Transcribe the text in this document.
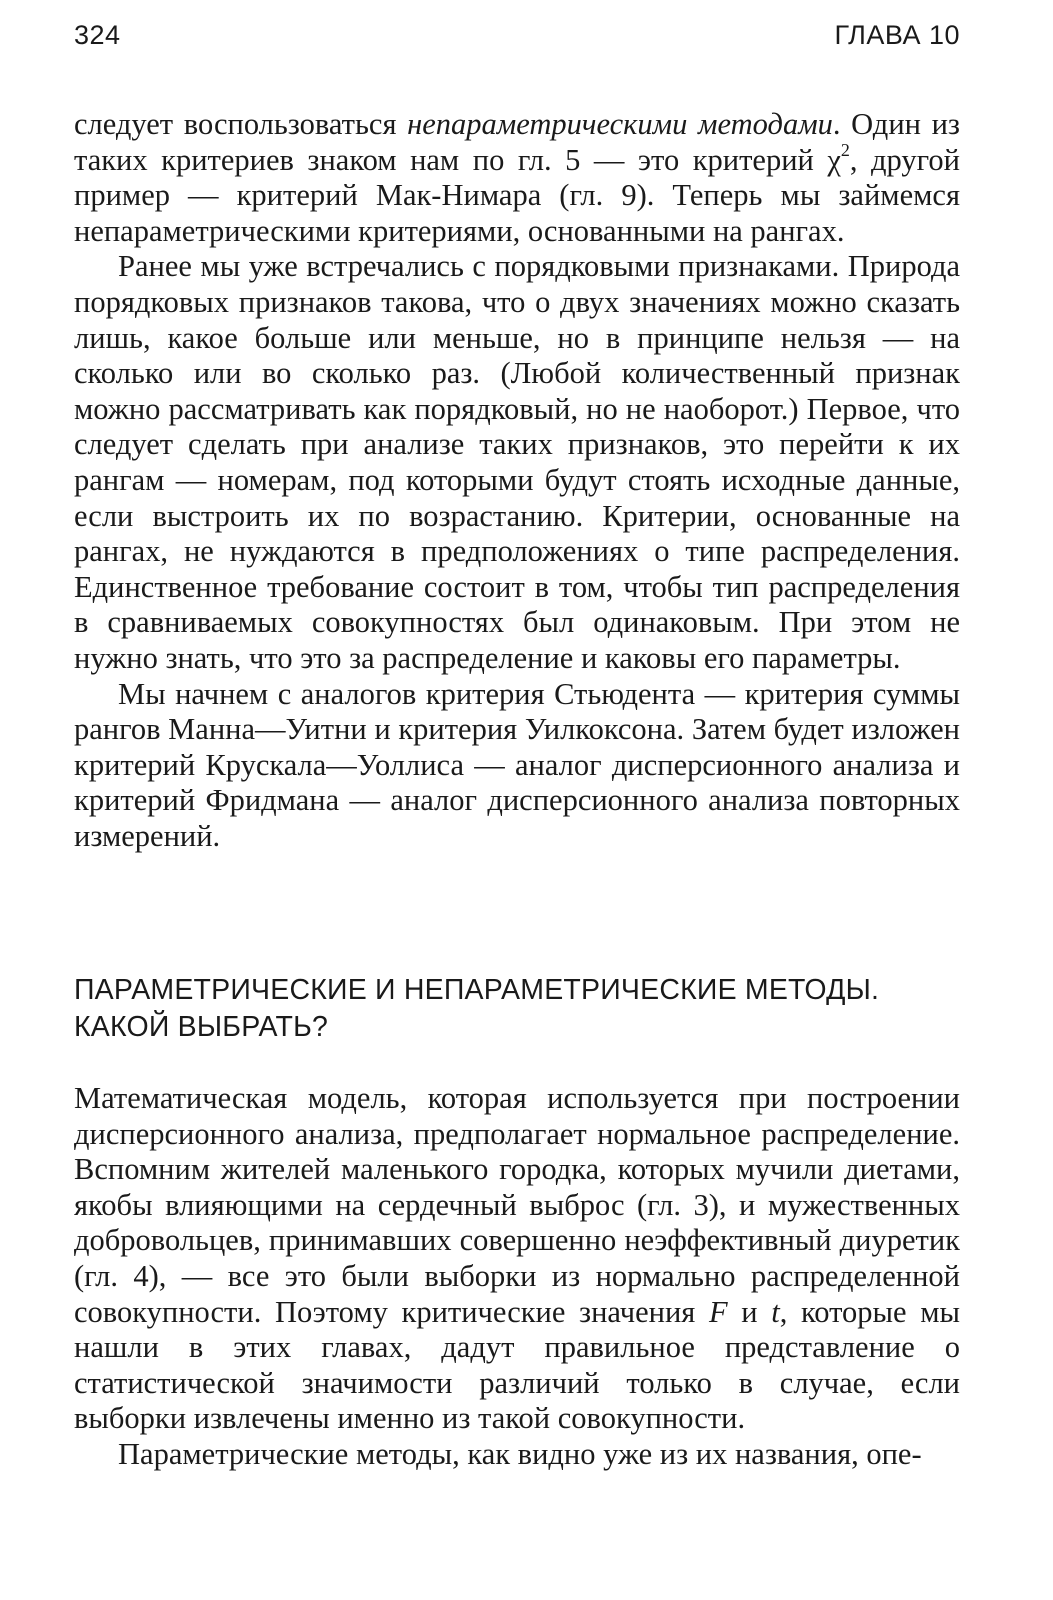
324	ГЛАВА 10

следует воспользоваться непараметрическими методами. Один из таких критериев знаком нам по гл. 5 — это критерий $\chi^2$, другой пример — критерий Мак-Нимара (гл. 9). Теперь мы займемся непараметрическими критериями, основанными на рангах.

Ранее мы уже встречались с порядковыми признаками. Природа порядковых признаков такова, что о двух значениях можно сказать лишь, какое больше или меньше, но в принципе нельзя — на сколько или во сколько раз. (Любой количественный признак можно рассматривать как порядковый, но не наоборот.) Первое, что следует сделать при анализе таких признаков, это перейти к их рангам — номерам, под которыми будут стоять исходные данные, если выстроить их по возрастанию. Критерии, основанные на рангах, не нуждаются в предположениях о типе распределения. Единственное требование состоит в том, чтобы тип распределения в сравниваемых совокупностях был одинаковым. При этом не нужно знать, что это за распределение и каковы его параметры.

Мы начнем с аналогов критерия Стьюдента — критерия суммы рангов Манна—Уитни и критерия Уилкоксона. Затем будет изложен критерий Крускала—Уоллиса — аналог дисперсионного анализа и критерий Фридмана — аналог дисперсионного анализа повторных измерений.

ПАРАМЕТРИЧЕСКИЕ И НЕПАРАМЕТРИЧЕСКИЕ МЕТОДЫ.
КАКОЙ ВЫБРАТЬ?

Математическая модель, которая используется при построении дисперсионного анализа, предполагает нормальное распределение. Вспомним жителей маленького городка, которых мучили диетами, якобы влияющими на сердечный выброс (гл. 3), и мужественных добровольцев, принимавших совершенно неэффективный диуретик (гл. 4), — все это были выборки из нормально распределенной совокупности. Поэтому критические значения F и t, которые мы нашли в этих главах, дадут правильное представление о статистической значимости различий только в случае, если выборки извлечены именно из такой совокупности.

Параметрические методы, как видно уже из их названия, опе-
